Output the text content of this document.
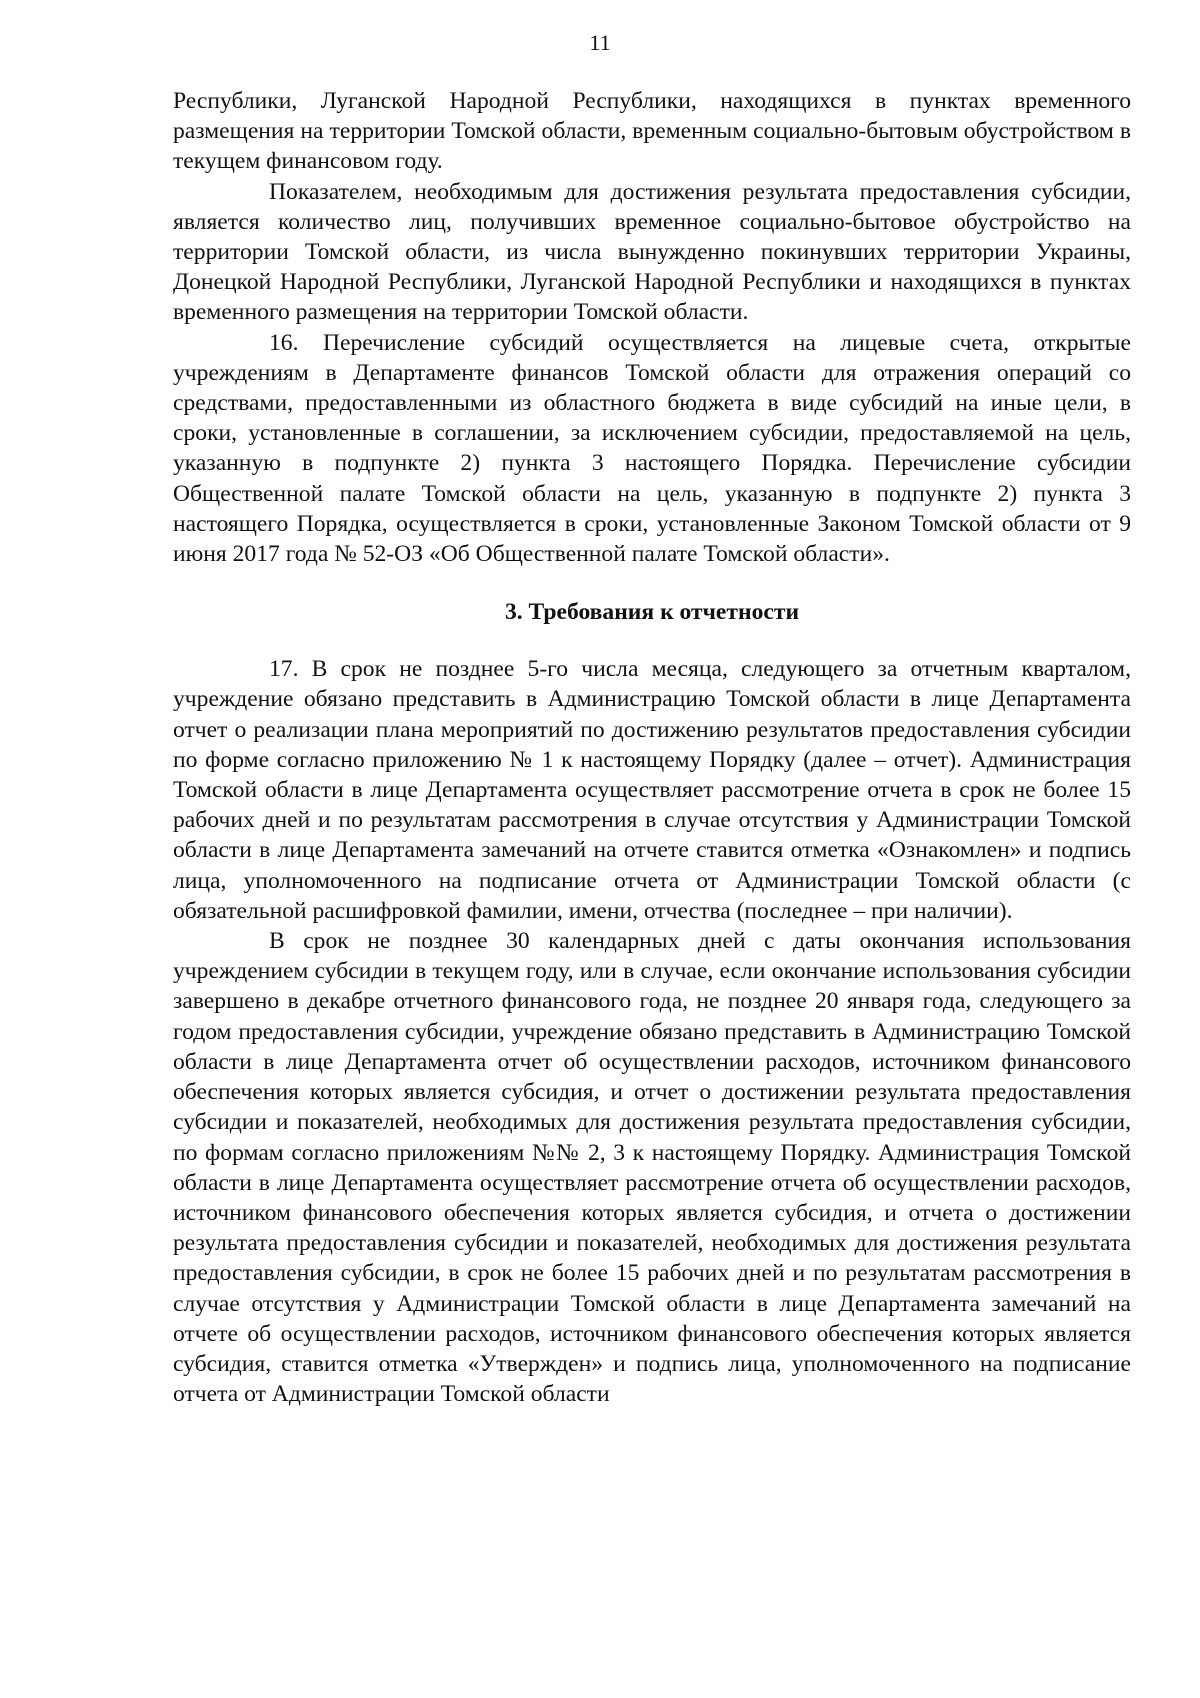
11

Республики, Луганской Народной Республики, находящихся в пунктах временного размещения на территории Томской области, временным социально-бытовым обустройством в текущем финансовом году.

Показателем, необходимым для достижения результата предоставления субсидии, является количество лиц, получивших временное социально-бытовое обустройство на территории Томской области, из числа вынужденно покинувших территории Украины, Донецкой Народной Республики, Луганской Народной Республики и находящихся в пунктах временного размещения на территории Томской области.

16. Перечисление субсидий осуществляется на лицевые счета, открытые учреждениям в Департаменте финансов Томской области для отражения операций со средствами, предоставленными из областного бюджета в виде субсидий на иные цели, в сроки, установленные в соглашении, за исключением субсидии, предоставляемой на цель, указанную в подпункте 2) пункта 3 настоящего Порядка. Перечисление субсидии Общественной палате Томской области на цель, указанную в подпункте 2) пункта 3 настоящего Порядка, осуществляется в сроки, установленные Законом Томской области от 9 июня 2017 года № 52-ОЗ «Об Общественной палате Томской области».

3. Требования к отчетности

17. В срок не позднее 5-го числа месяца, следующего за отчетным кварталом, учреждение обязано представить в Администрацию Томской области в лице Департамента отчет о реализации плана мероприятий по достижению результатов предоставления субсидии по форме согласно приложению № 1 к настоящему Порядку (далее – отчет). Администрация Томской области в лице Департамента осуществляет рассмотрение отчета в срок не более 15 рабочих дней и по результатам рассмотрения в случае отсутствия у Администрации Томской области в лице Департамента замечаний на отчете ставится отметка «Ознакомлен» и подпись лица, уполномоченного на подписание отчета от Администрации Томской области (с обязательной расшифровкой фамилии, имени, отчества (последнее – при наличии).

В срок не позднее 30 календарных дней с даты окончания использования учреждением субсидии в текущем году, или в случае, если окончание использования субсидии завершено в декабре отчетного финансового года, не позднее 20 января года, следующего за годом предоставления субсидии, учреждение обязано представить в Администрацию Томской области в лице Департамента отчет об осуществлении расходов, источником финансового обеспечения которых является субсидия, и отчет о достижении результата предоставления субсидии и показателей, необходимых для достижения результата предоставления субсидии, по формам согласно приложениям №№ 2, 3 к настоящему Порядку. Администрация Томской области в лице Департамента осуществляет рассмотрение отчета об осуществлении расходов, источником финансового обеспечения которых является субсидия, и отчета о достижении результата предоставления субсидии и показателей, необходимых для достижения результата предоставления субсидии, в срок не более 15 рабочих дней и по результатам рассмотрения в случае отсутствия у Администрации Томской области в лице Департамента замечаний на отчете об осуществлении расходов, источником финансового обеспечения которых является субсидия, ставится отметка «Утвержден» и подпись лица, уполномоченного на подписание отчета от Администрации Томской области
